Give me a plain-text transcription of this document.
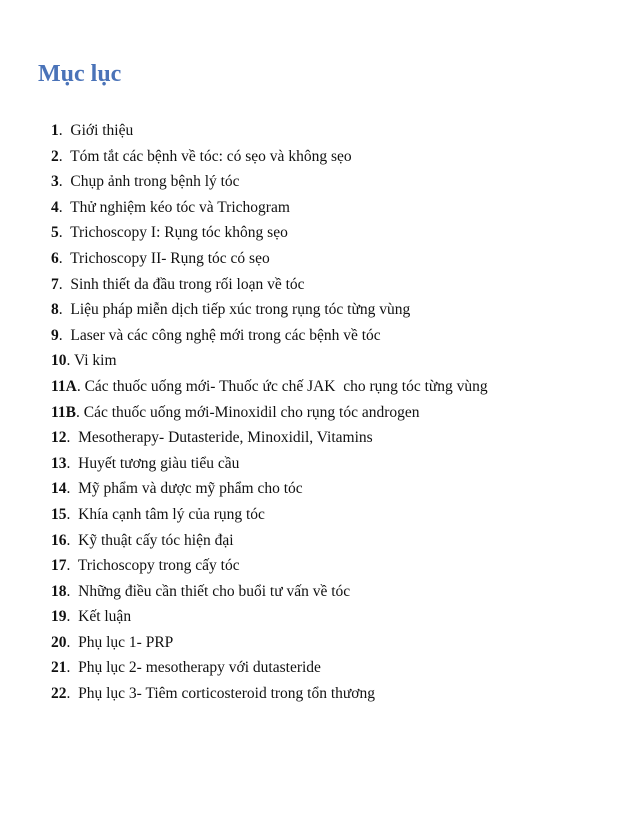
Mục lục
1. Giới thiệu
2. Tóm tắt các bệnh về tóc: có sẹo và không sẹo
3. Chụp ảnh trong bệnh lý tóc
4. Thử nghiệm kéo tóc và Trichogram
5. Trichoscopy I: Rụng tóc không sẹo
6. Trichoscopy II- Rụng tóc có sẹo
7. Sinh thiết da đầu trong rối loạn về tóc
8. Liệu pháp miễn dịch tiếp xúc trong rụng tóc từng vùng
9. Laser và các công nghệ mới trong các bệnh về tóc
10. Vi kim
11A. Các thuốc uống mới- Thuốc ức chế JAK  cho rụng tóc từng vùng
11B. Các thuốc uống mới-Minoxidil cho rụng tóc androgen
12. Mesotherapy- Dutasteride, Minoxidil, Vitamins
13. Huyết tương giàu tiểu cầu
14. Mỹ phẩm và dược mỹ phẩm cho tóc
15. Khía cạnh tâm lý của rụng tóc
16. Kỹ thuật cấy tóc hiện đại
17. Trichoscopy trong cấy tóc
18. Những điều cần thiết cho buổi tư vấn về tóc
19. Kết luận
20. Phụ lục 1- PRP
21. Phụ lục 2- mesotherapy với dutasteride
22. Phụ lục 3- Tiêm corticosteroid trong tổn thương
